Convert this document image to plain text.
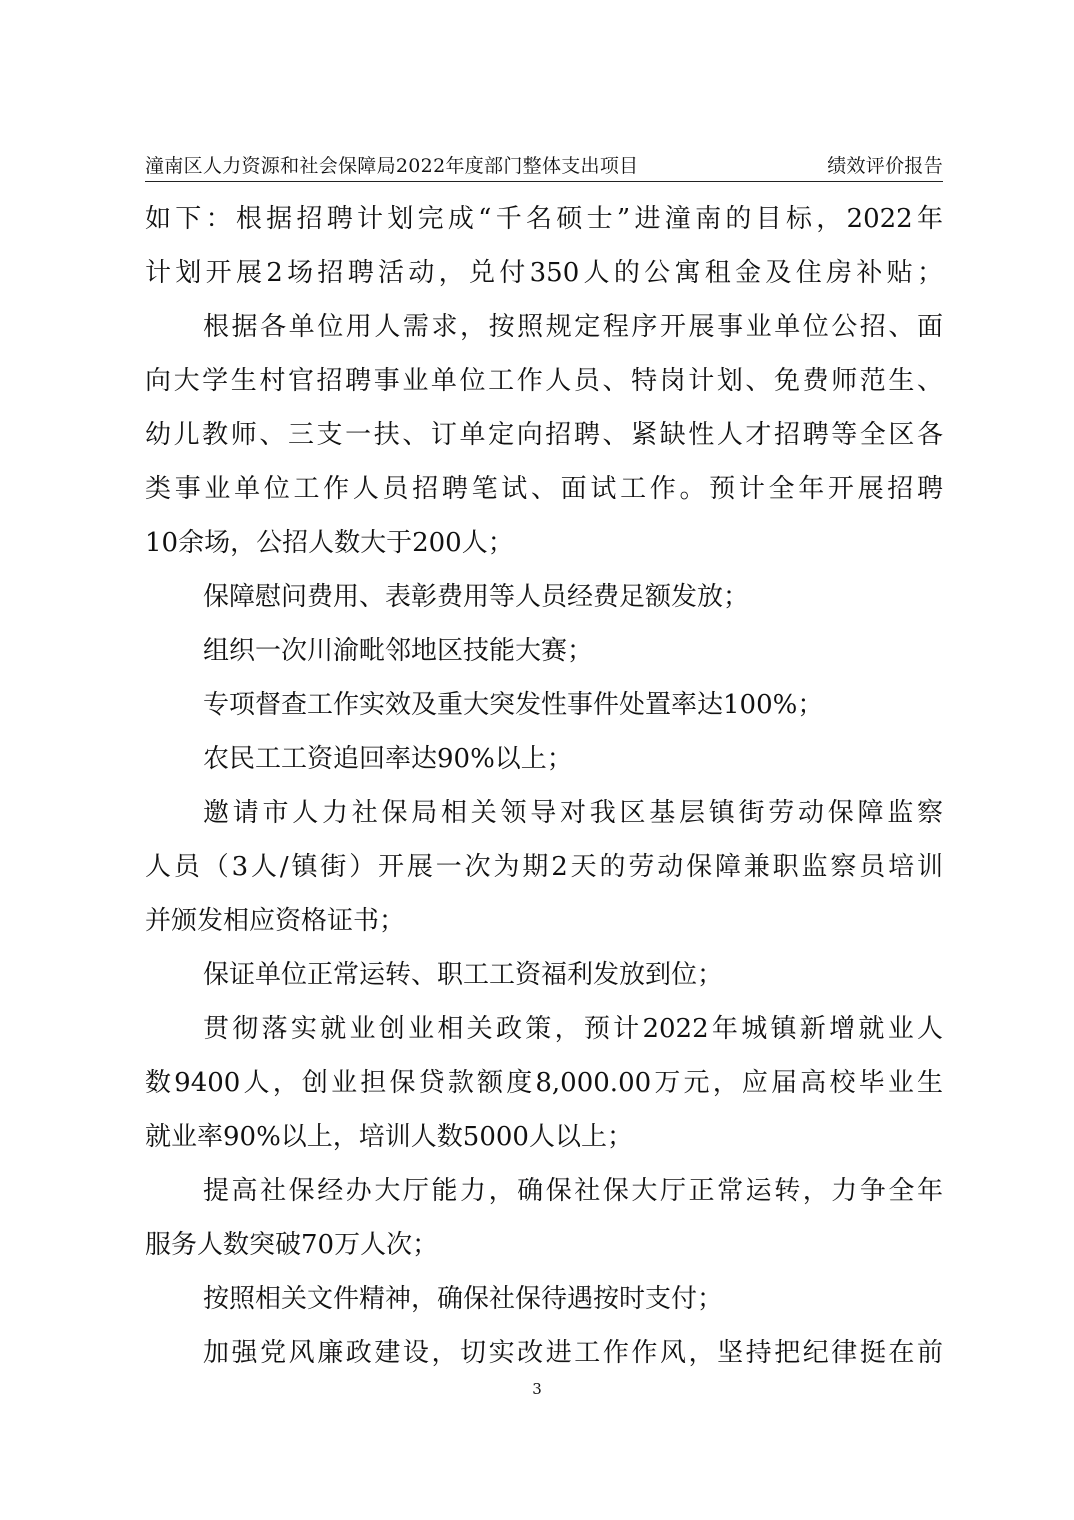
潼南区人力资源和社会保障局2022年度部门整体支出项目	绩效评价报告
如下：根据招聘计划完成“千名硕士”进潼南的目标，2022年
计划开展2场招聘活动，兑付350人的公寓租金及住房补贴；
根据各单位用人需求，按照规定程序开展事业单位公招、面
向大学生村官招聘事业单位工作人员、特岗计划、免费师范生、
幼儿教师、三支一扶、订单定向招聘、紧缺性人才招聘等全区各
类事业单位工作人员招聘笔试、面试工作。预计全年开展招聘
10余场，公招人数大于200人；
保障慰问费用、表彰费用等人员经费足额发放；
组织一次川渝毗邻地区技能大赛；
专项督查工作实效及重大突发性事件处置率达100%；
农民工工资追回率达90%以上；
邀请市人力社保局相关领导对我区基层镇街劳动保障监察
人员（3人/镇街）开展一次为期2天的劳动保障兼职监察员培训
并颁发相应资格证书；
保证单位正常运转、职工工资福利发放到位；
贯彻落实就业创业相关政策，预计2022年城镇新增就业人
数9400人，创业担保贷款额度8,000.00万元，应届高校毕业生
就业率90%以上，培训人数5000人以上；
提高社保经办大厅能力，确保社保大厅正常运转，力争全年
服务人数突破70万人次；
按照相关文件精神，确保社保待遇按时支付；
加强党风廉政建设，切实改进工作作风，坚持把纪律挺在前
3
